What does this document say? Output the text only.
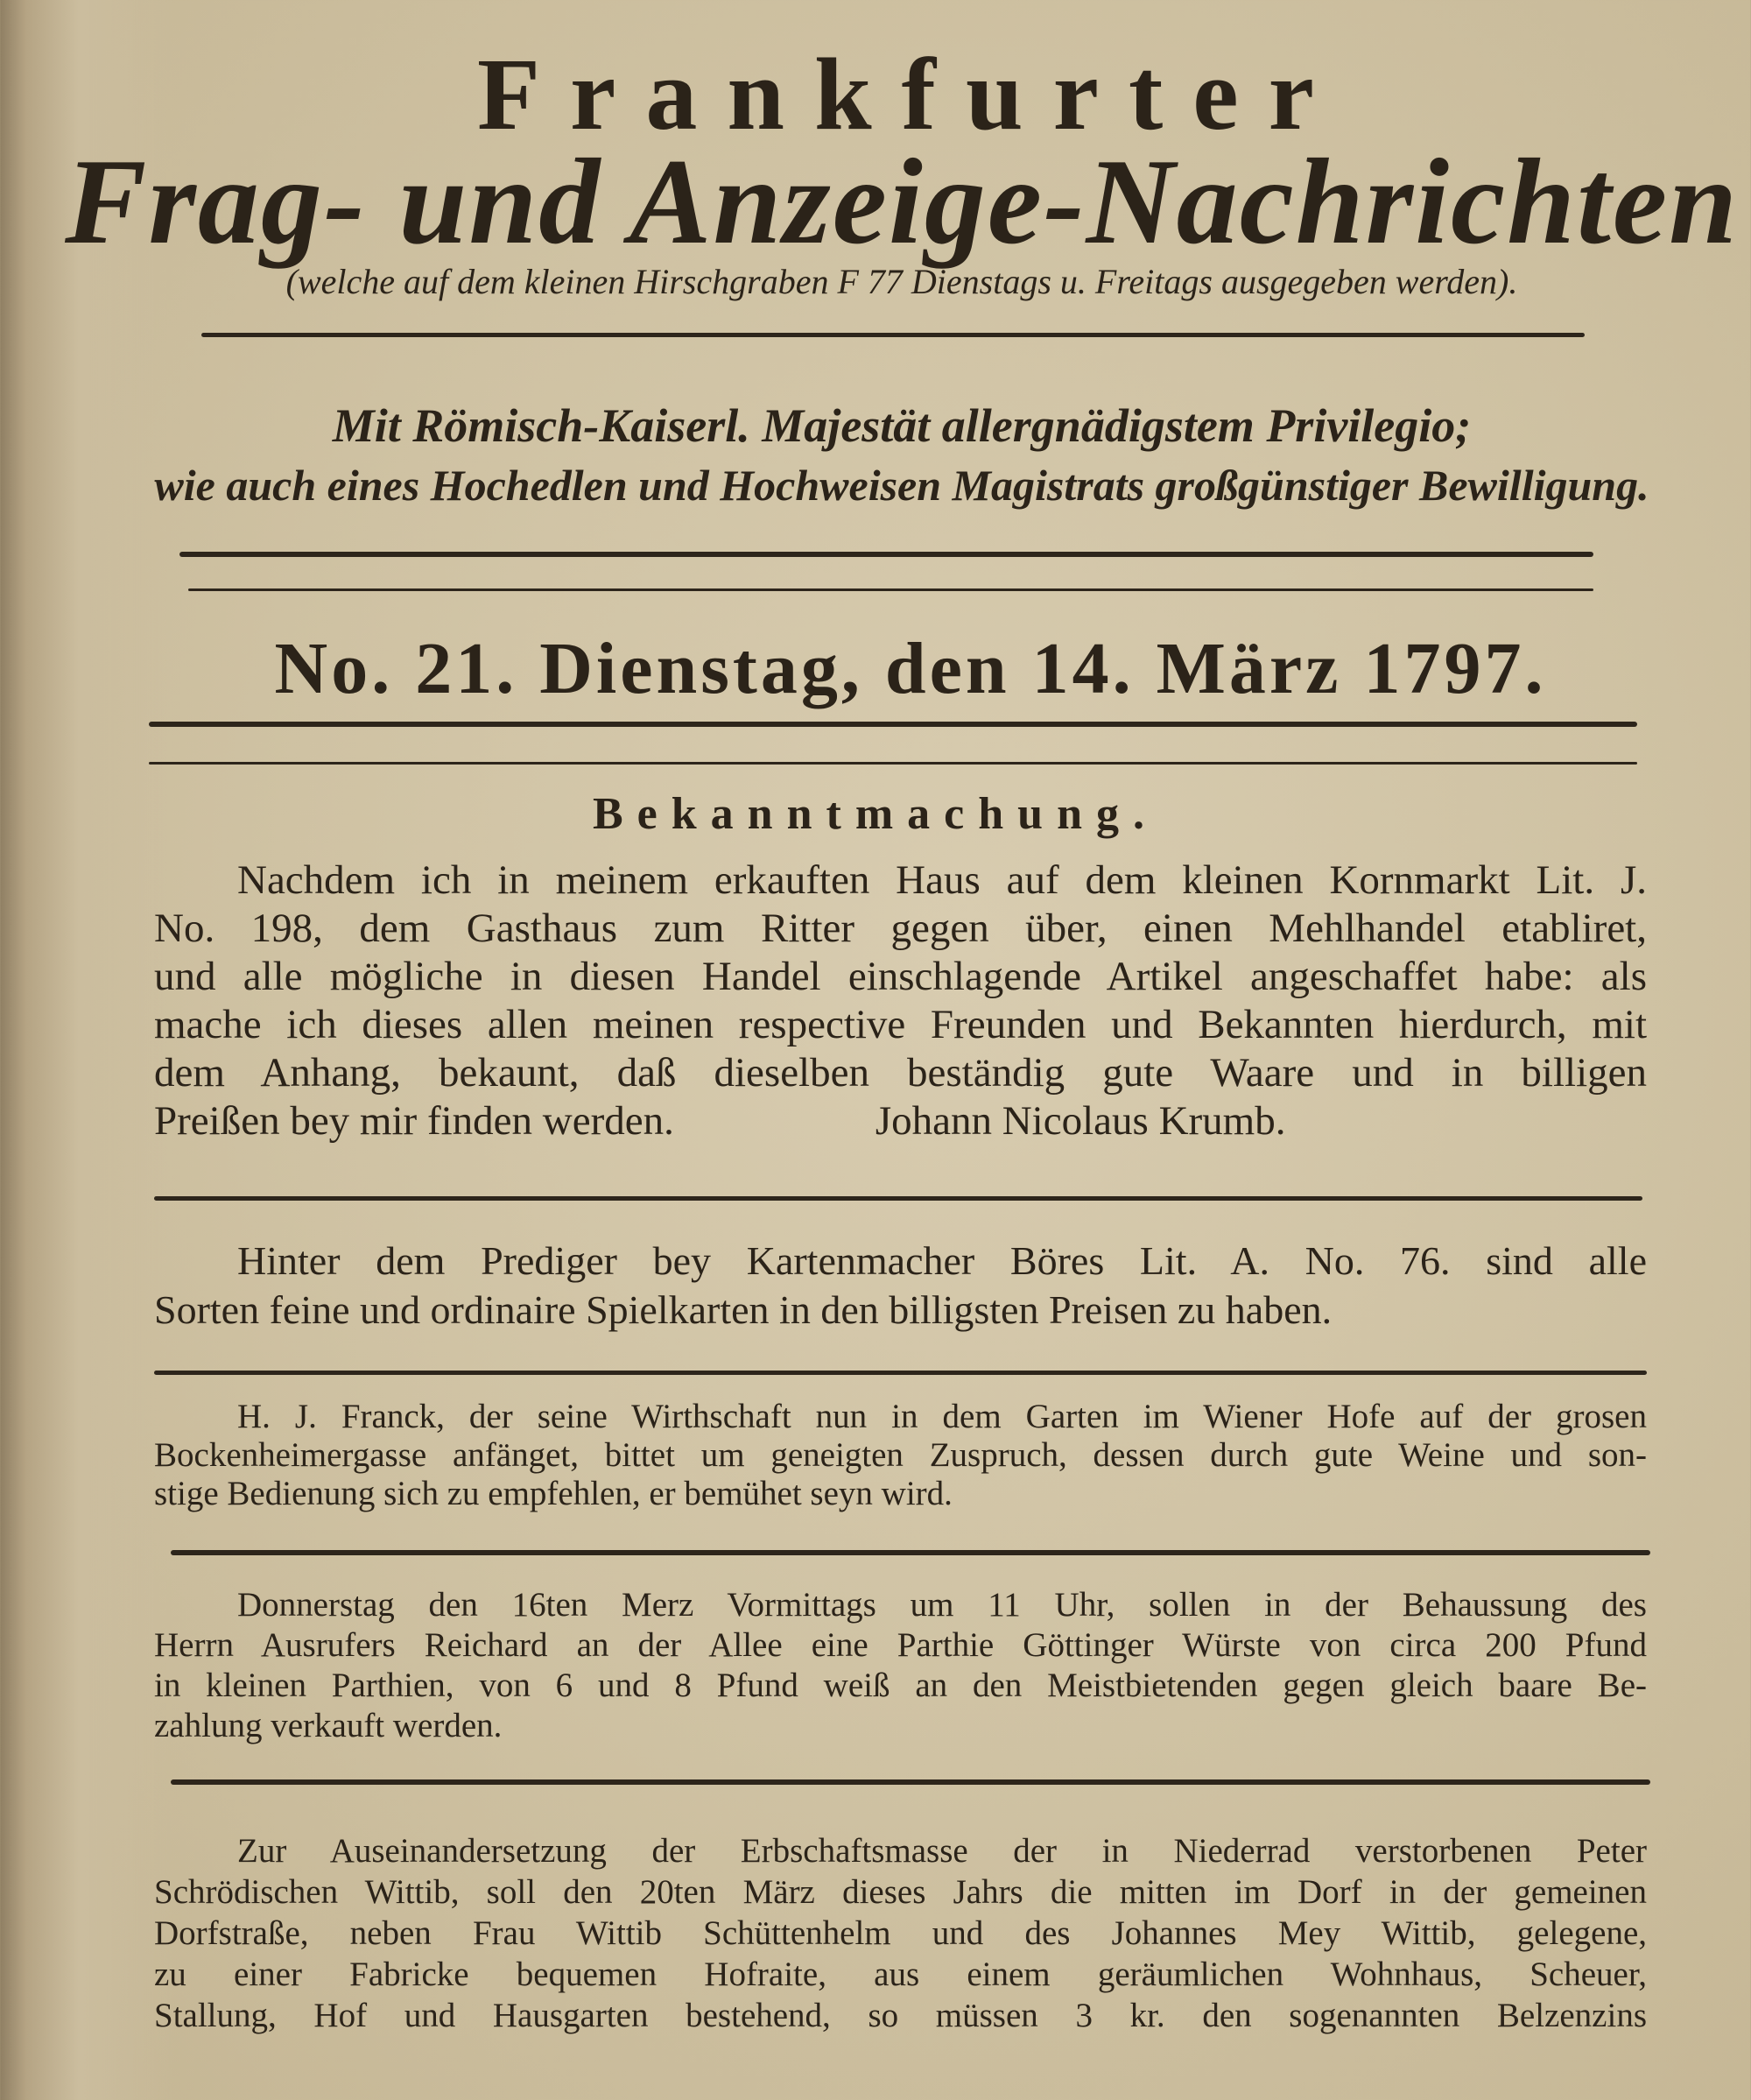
Frankfurter
Frag- und Anzeige-Nachrichten
(welche auf dem kleinen Hirschgraben F 77 Dienstags u. Freitags ausgegeben werden).
Mit Römisch-Kaiserl. Majestät allergnädigstem Privilegio;
wie auch eines Hochedlen und Hochweisen Magistrats großgünstiger Bewilligung.
No. 21. Dienstag, den 14. März 1797.
Bekanntmachung.
Nachdem ich in meinem erkauften Haus auf dem kleinen Kornmarkt Lit. J.
No. 198, dem Gasthaus zum Ritter gegen über, einen Mehlhandel etabliret,
und alle mögliche in diesen Handel einschlagende Artikel angeschaffet habe: als
mache ich dieses allen meinen respective Freunden und Bekannten hierdurch, mit
dem Anhang, bekaunt, daß dieselben beständig gute Waare und in billigen
Preißen bey mir finden werden.	Johann Nicolaus Krumb.
Hinter dem Prediger bey Kartenmacher Böres Lit. A. No. 76. sind alle
Sorten feine und ordinaire Spielkarten in den billigsten Preisen zu haben.
H. J. Franck, der seine Wirthschaft nun in dem Garten im Wiener Hofe auf der grosen
Bockenheimergasse anfänget, bittet um geneigten Zuspruch, dessen durch gute Weine und son-
stige Bedienung sich zu empfehlen, er bemühet seyn wird.
Donnerstag den 16ten Merz Vormittags um 11 Uhr, sollen in der Behaussung des
Herrn Ausrufers Reichard an der Allee eine Parthie Göttinger Würste von circa 200 Pfund
in kleinen Parthien, von 6 und 8 Pfund weiß an den Meistbietenden gegen gleich baare Be-
zahlung verkauft werden.
Zur Auseinandersetzung der Erbschaftsmasse der in Niederrad verstorbenen Peter
Schrödischen Wittib, soll den 20ten März dieses Jahrs die mitten im Dorf in der gemeinen
Dorfstraße, neben Frau Wittib Schüttenhelm und des Johannes Mey Wittib, gelegene,
zu einer Fabricke bequemen Hofraite, aus einem geräumlichen Wohnhaus, Scheuer,
Stallung, Hof und Hausgarten bestehend, so müssen 3 kr. den sogenannten Belzenzins
